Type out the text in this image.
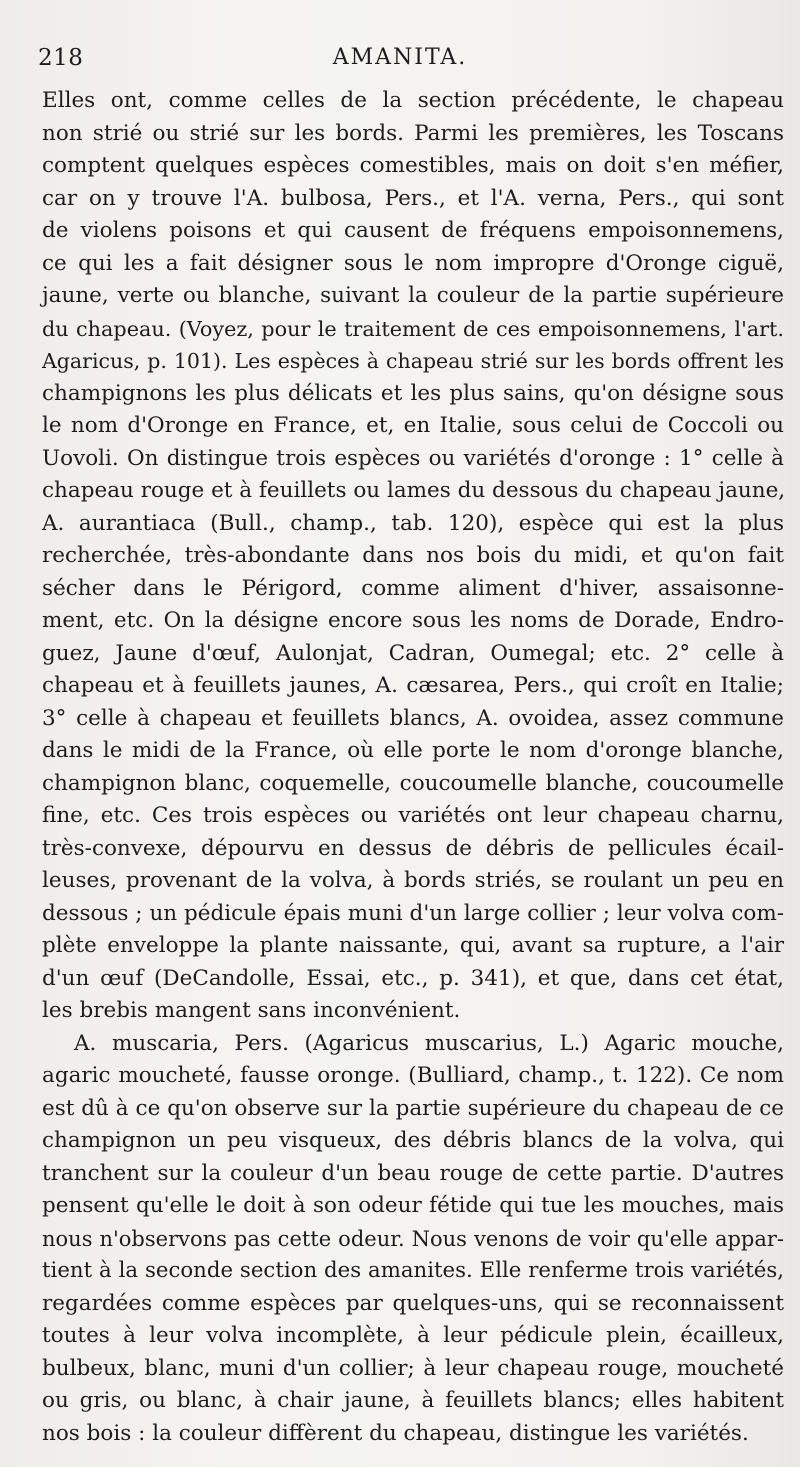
218	AMANITA.
Elles ont, comme celles de la section précédente, le chapeau
non strié ou strié sur les bords. Parmi les premières, les Toscans
comptent quelques espèces comestibles, mais on doit s'en méfier,
car on y trouve l'A. bulbosa, Pers., et l'A. verna, Pers., qui sont
de violens poisons et qui causent de fréquens empoisonnemens,
ce qui les a fait désigner sous le nom impropre d'Oronge ciguë,
jaune, verte ou blanche, suivant la couleur de la partie supérieure
du chapeau. (Voyez, pour le traitement de ces empoisonnemens, l'art.
Agaricus, p. 101). Les espèces à chapeau strié sur les bords offrent les
champignons les plus délicats et les plus sains, qu'on désigne sous
le nom d'Oronge en France, et, en Italie, sous celui de Coccoli ou
Uovoli. On distingue trois espèces ou variétés d'oronge : 1° celle à
chapeau rouge et à feuillets ou lames du dessous du chapeau jaune,
A. aurantiaca (Bull., champ., tab. 120), espèce qui est la plus
recherchée, très-abondante dans nos bois du midi, et qu'on fait
sécher dans le Périgord, comme aliment d'hiver, assaisonne-
ment, etc. On la désigne encore sous les noms de Dorade, Endro-
guez, Jaune d'œuf, Aulonjat, Cadran, Oumegal; etc. 2° celle à
chapeau et à feuillets jaunes, A. cæsarea, Pers., qui croît en Italie;
3° celle à chapeau et feuillets blancs, A. ovoidea, assez commune
dans le midi de la France, où elle porte le nom d'oronge blanche,
champignon blanc, coquemelle, coucoumelle blanche, coucoumelle
fine, etc. Ces trois espèces ou variétés ont leur chapeau charnu,
très-convexe, dépourvu en dessus de débris de pellicules écail-
leuses, provenant de la volva, à bords striés, se roulant un peu en
dessous ; un pédicule épais muni d'un large collier ; leur volva com-
plète enveloppe la plante naissante, qui, avant sa rupture, a l'air
d'un œuf (DeCandolle, Essai, etc., p. 341), et que, dans cet état,
les brebis mangent sans inconvénient.
A. muscaria, Pers. (Agaricus muscarius, L.) Agaric mouche,
agaric moucheté, fausse oronge. (Bulliard, champ., t. 122). Ce nom
est dû à ce qu'on observe sur la partie supérieure du chapeau de ce
champignon un peu visqueux, des débris blancs de la volva, qui
tranchent sur la couleur d'un beau rouge de cette partie. D'autres
pensent qu'elle le doit à son odeur fétide qui tue les mouches, mais
nous n'observons pas cette odeur. Nous venons de voir qu'elle appar-
tient à la seconde section des amanites. Elle renferme trois variétés,
regardées comme espèces par quelques-uns, qui se reconnaissent
toutes à leur volva incomplète, à leur pédicule plein, écailleux,
bulbeux, blanc, muni d'un collier; à leur chapeau rouge, moucheté
ou gris, ou blanc, à chair jaune, à feuillets blancs; elles habitent
nos bois : la couleur diffèrent du chapeau, distingue les variétés.
